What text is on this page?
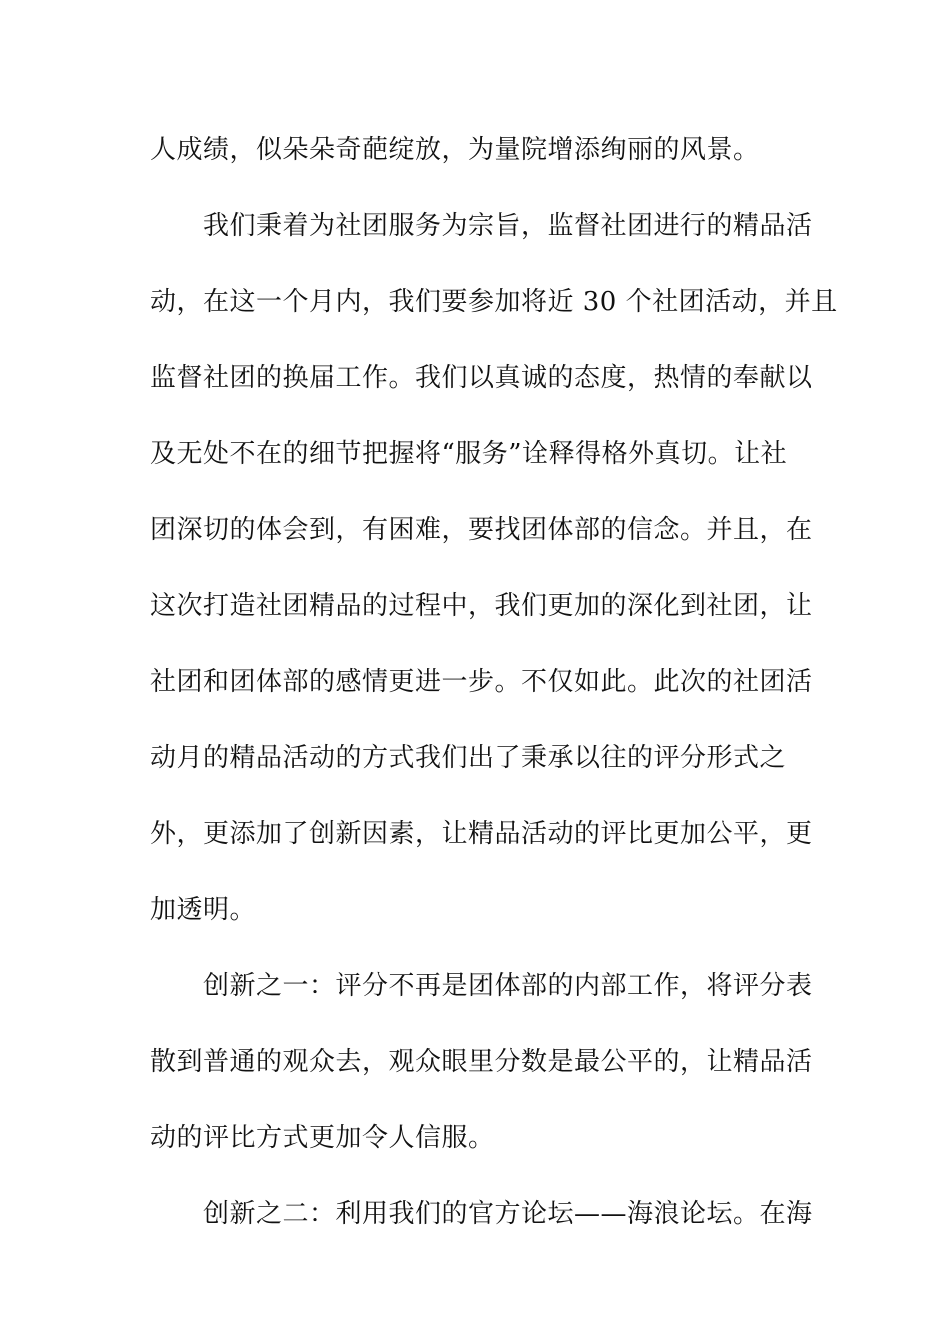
人成绩，似朵朵奇葩绽放，为量院增添绚丽的风景。
我们秉着为社团服务为宗旨，监督社团进行的精品活
动，在这一个月内，我们要参加将近 30 个社团活动，并且
监督社团的换届工作。我们以真诚的态度，热情的奉献以
及无处不在的细节把握将“服务”诠释得格外真切。让社
团深切的体会到，有困难，要找团体部的信念。并且，在
这次打造社团精品的过程中，我们更加的深化到社团，让
社团和团体部的感情更进一步。不仅如此。此次的社团活
动月的精品活动的方式我们出了秉承以往的评分形式之
外，更添加了创新因素，让精品活动的评比更加公平，更
加透明。
创新之一：评分不再是团体部的内部工作，将评分表
散到普通的观众去，观众眼里分数是最公平的，让精品活
动的评比方式更加令人信服。
创新之二：利用我们的官方论坛——海浪论坛。在海
